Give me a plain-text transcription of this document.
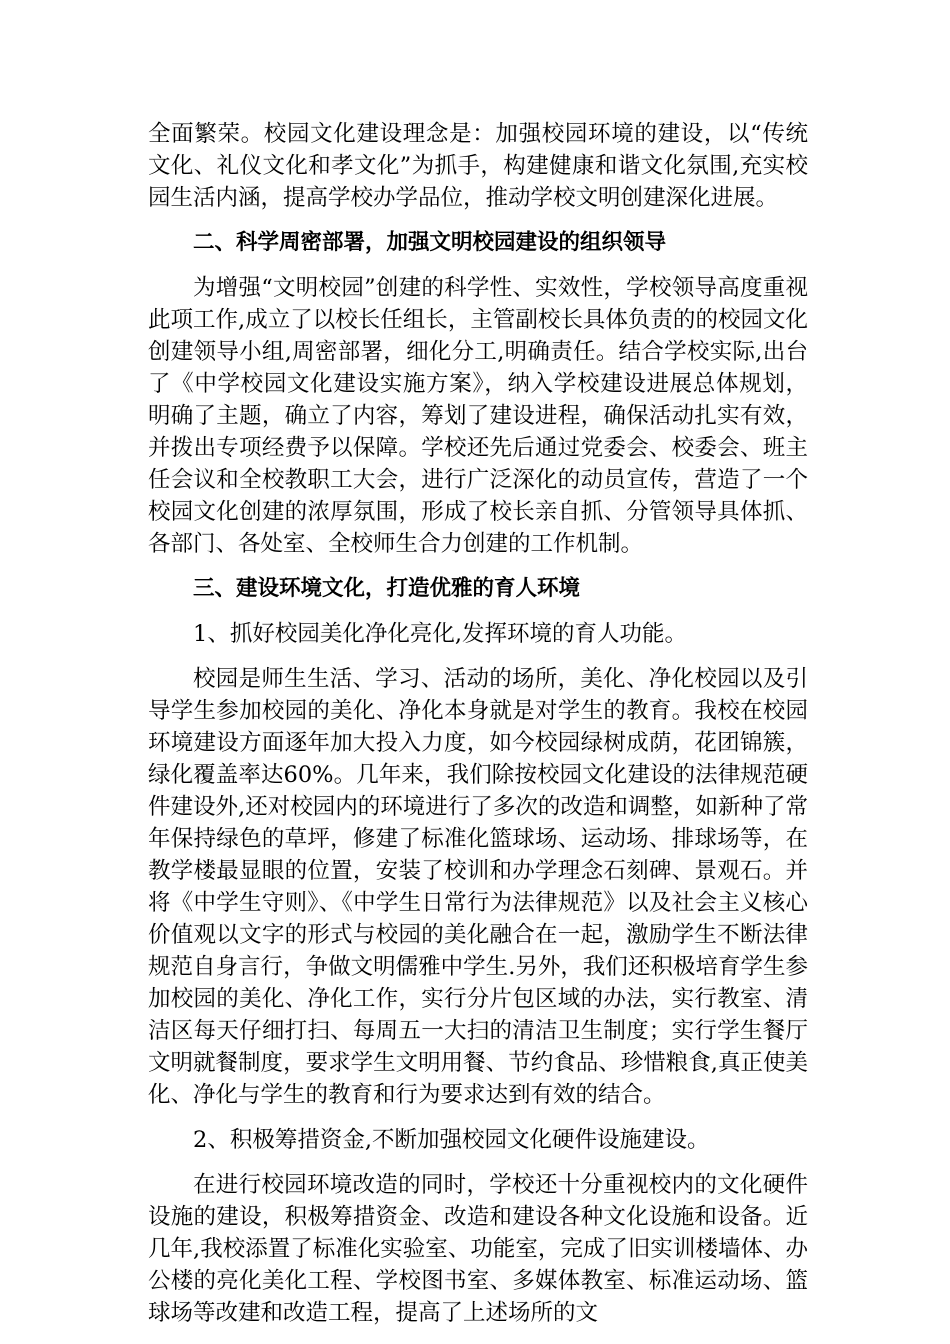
全面繁荣。校园文化建设理念是：加强校园环境的建设，以“传统文化、礼仪文化和孝文化”为抓手，构建健康和谐文化氛围,充实校园生活内涵，提高学校办学品位，推动学校文明创建深化进展。

二、科学周密部署，加强文明校园建设的组织领导

为增强“文明校园”创建的科学性、实效性，学校领导高度重视此项工作,成立了以校长任组长，主管副校长具体负责的的校园文化创建领导小组,周密部署，细化分工,明确责任。结合学校实际,出台了《中学校园文化建设实施方案》，纳入学校建设进展总体规划，明确了主题，确立了内容，筹划了建设进程，确保活动扎实有效，并拨出专项经费予以保障。学校还先后通过党委会、校委会、班主任会议和全校教职工大会，进行广泛深化的动员宣传，营造了一个校园文化创建的浓厚氛围，形成了校长亲自抓、分管领导具体抓、各部门、各处室、全校师生合力创建的工作机制。

三、建设环境文化，打造优雅的育人环境

1、抓好校园美化净化亮化,发挥环境的育人功能。

校园是师生生活、学习、活动的场所，美化、净化校园以及引导学生参加校园的美化、净化本身就是对学生的教育。我校在校园环境建设方面逐年加大投入力度，如今校园绿树成荫，花团锦簇，绿化覆盖率达60%。几年来，我们除按校园文化建设的法律规范硬件建设外,还对校园内的环境进行了多次的改造和调整，如新种了常年保持绿色的草坪，修建了标准化篮球场、运动场、排球场等，在教学楼最显眼的位置，安装了校训和办学理念石刻碑、景观石。并将《中学生守则》、《中学生日常行为法律规范》以及社会主义核心价值观以文字的形式与校园的美化融合在一起，激励学生不断法律规范自身言行，争做文明儒雅中学生.另外，我们还积极培育学生参加校园的美化、净化工作，实行分片包区域的办法，实行教室、清洁区每天仔细打扫、每周五一大扫的清洁卫生制度；实行学生餐厅文明就餐制度，要求学生文明用餐、节约食品、珍惜粮食,真正使美化、净化与学生的教育和行为要求达到有效的结合。

2、积极筹措资金,不断加强校园文化硬件设施建设。

在进行校园环境改造的同时，学校还十分重视校内的文化硬件设施的建设，积极筹措资金、改造和建设各种文化设施和设备。近几年,我校添置了标准化实验室、功能室，完成了旧实训楼墙体、办公楼的亮化美化工程、学校图书室、多媒体教室、标准运动场、篮球场等改建和改造工程，提高了上述场所的文
